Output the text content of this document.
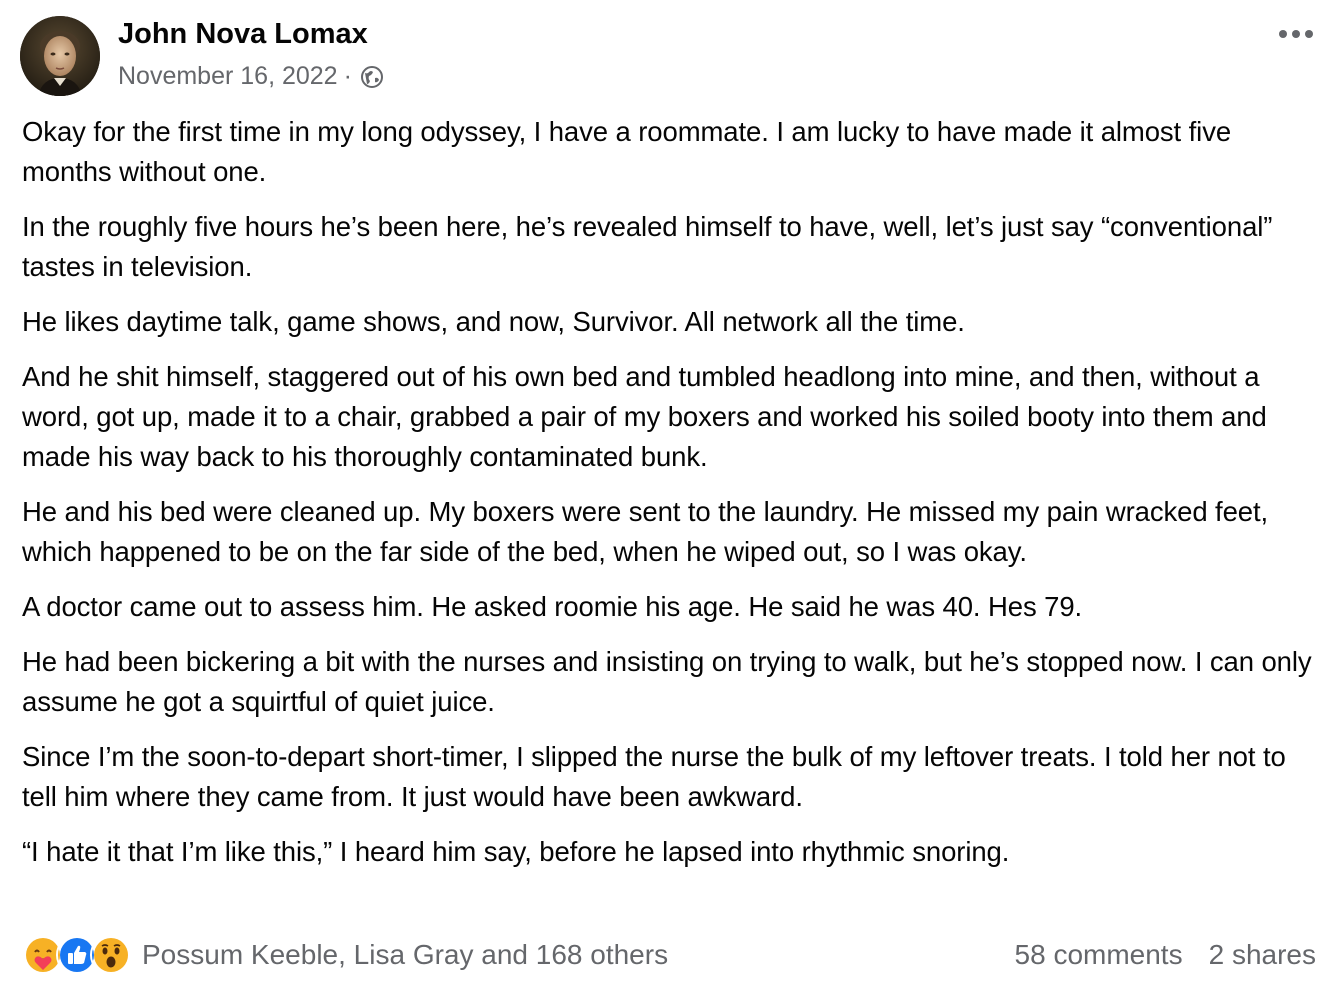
John Nova Lomax
November 16, 2022 ·

Okay for the first time in my long odyssey, I have a roommate. I am lucky to have made it almost five months without one.

In the roughly five hours he’s been here, he’s revealed himself to have, well, let’s just say “conventional” tastes in television.

He likes daytime talk, game shows, and now, Survivor. All network all the time.

And he shit himself, staggered out of his own bed and tumbled headlong into mine, and then, without a word, got up, made it to a chair, grabbed a pair of my boxers and worked his soiled booty into them and made his way back to his thoroughly contaminated bunk.

He and his bed were cleaned up. My boxers were sent to the laundry. He missed my pain wracked feet, which happened to be on the far side of the bed, when he wiped out, so I was okay.

A doctor came out to assess him. He asked roomie his age. He said he was 40. Hes 79.

He had been bickering a bit with the nurses and insisting on trying to walk, but he’s stopped now. I can only assume he got a squirtful of quiet juice.

Since I’m the soon-to-depart short-timer, I slipped the nurse the bulk of my leftover treats. I told her not to tell him where they came from. It just would have been awkward.

“I hate it that I’m like this,” I heard him say, before he lapsed into rhythmic snoring.

Possum Keeble, Lisa Gray and 168 others	58 comments 2 shares
